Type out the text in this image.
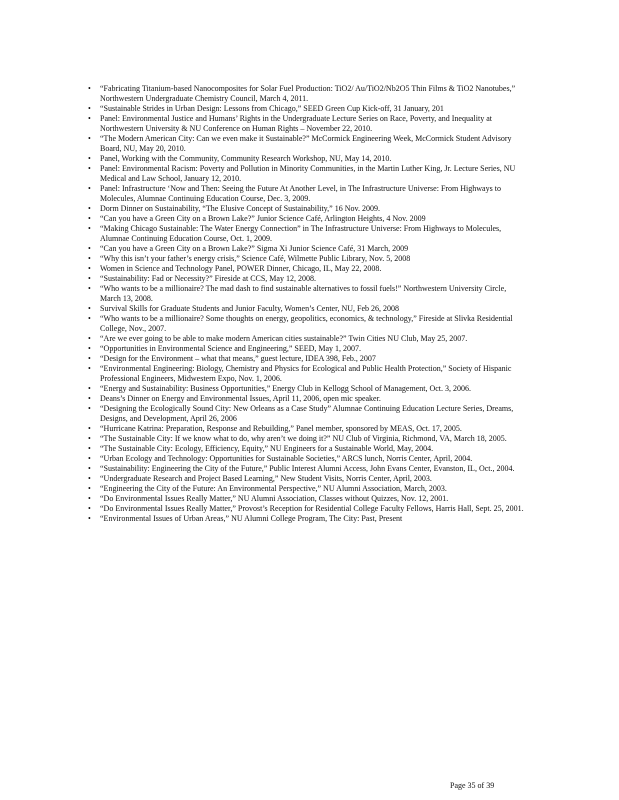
• “Fabricating Titanium-based Nanocomposites for Solar Fuel Production: TiO2/ Au/TiO2/Nb2O5 Thin Films & TiO2 Nanotubes,” Northwestern Undergraduate Chemistry Council, March 4, 2011.
• “Sustainable Strides in Urban Design: Lessons from Chicago,” SEED Green Cup Kick-off, 31 January, 201
• Panel: Environmental Justice and Humans’ Rights in the Undergraduate Lecture Series on Race, Poverty, and Inequality at Northwestern University & NU Conference on Human Rights – November 22, 2010.
• “The Modern American City: Can we even make it Sustainable?” McCormick Engineering Week, McCormick Student Advisory Board, NU, May 20, 2010.
• Panel, Working with the Community, Community Research Workshop, NU, May 14, 2010.
• Panel: Environmental Racism: Poverty and Pollution in Minority Communities, in the Martin Luther King, Jr. Lecture Series, NU Medical and Law School, January 12, 2010.
• Panel: Infrastructure ‘Now and Then: Seeing the Future At Another Level, in The Infrastructure Universe: From Highways to Molecules, Alumnae Continuing Education Course, Dec. 3, 2009.
• Dorm Dinner on Sustainability, “The Elusive Concept of Sustainability,” 16 Nov. 2009.
• “Can you have a Green City on a Brown Lake?” Junior Science Café, Arlington Heights, 4 Nov. 2009
• “Making Chicago Sustainable: The Water Energy Connection” in The Infrastructure Universe: From Highways to Molecules, Alumnae Continuing Education Course, Oct. 1, 2009.
• “Can you have a Green City on a Brown Lake?” Sigma Xi Junior Science Café, 31 March, 2009
• “Why this isn’t your father’s energy crisis,” Science Café, Wilmette Public Library, Nov. 5, 2008
• Women in Science and Technology Panel, POWER Dinner, Chicago, IL, May 22, 2008.
• “Sustainability: Fad or Necessity?” Fireside at CCS, May 12, 2008.
• “Who wants to be a millionaire? The mad dash to find sustainable alternatives to fossil fuels!” Northwestern University Circle, March 13, 2008.
• Survival Skills for Graduate Students and Junior Faculty, Women’s Center, NU, Feb 26, 2008
• “Who wants to be a millionaire? Some thoughts on energy, geopolitics, economics, & technology,” Fireside at Slivka Residential College, Nov., 2007.
• “Are we ever going to be able to make modern American cities sustainable?” Twin Cities NU Club, May 25, 2007.
• “Opportunities in Environmental Science and Engineering,” SEED, May 1, 2007.
• “Design for the Environment – what that means,” guest lecture, IDEA 398, Feb., 2007
• “Environmental Engineering: Biology, Chemistry and Physics for Ecological and Public Health Protection,” Society of Hispanic Professional Engineers, Midwestern Expo, Nov. 1, 2006.
• “Energy and Sustainability: Business Opportunities,” Energy Club in Kellogg School of Management, Oct. 3, 2006.
• Deans’s Dinner on Energy and Environmental Issues, April 11, 2006, open mic speaker.
• “Designing the Ecologically Sound City: New Orleans as a Case Study” Alumnae Continuing Education Lecture Series, Dreams, Designs, and Development, April 26, 2006
• “Hurricane Katrina: Preparation, Response and Rebuilding,” Panel member, sponsored by MEAS, Oct. 17, 2005.
• “The Sustainable City: If we know what to do, why aren’t we doing it?” NU Club of Virginia, Richmond, VA, March 18, 2005.
• “The Sustainable City: Ecology, Efficiency, Equity,” NU Engineers for a Sustainable World, May, 2004.
• “Urban Ecology and Technology: Opportunities for Sustainable Societies,” ARCS lunch, Norris Center, April, 2004.
• “Sustainability: Engineering the City of the Future,” Public Interest Alumni Access, John Evans Center, Evanston, IL, Oct., 2004.
• “Undergraduate Research and Project Based Learning,” New Student Visits, Norris Center, April, 2003.
• “Engineering the City of the Future: An Environmental Perspective,” NU Alumni Association, March, 2003.
• “Do Environmental Issues Really Matter,” NU Alumni Association, Classes without Quizzes, Nov. 12, 2001.
• “Do Environmental Issues Really Matter,” Provost’s Reception for Residential College Faculty Fellows, Harris Hall, Sept. 25, 2001.
• “Environmental Issues of Urban Areas,” NU Alumni College Program, The City: Past, Present
Page 35 of 39
